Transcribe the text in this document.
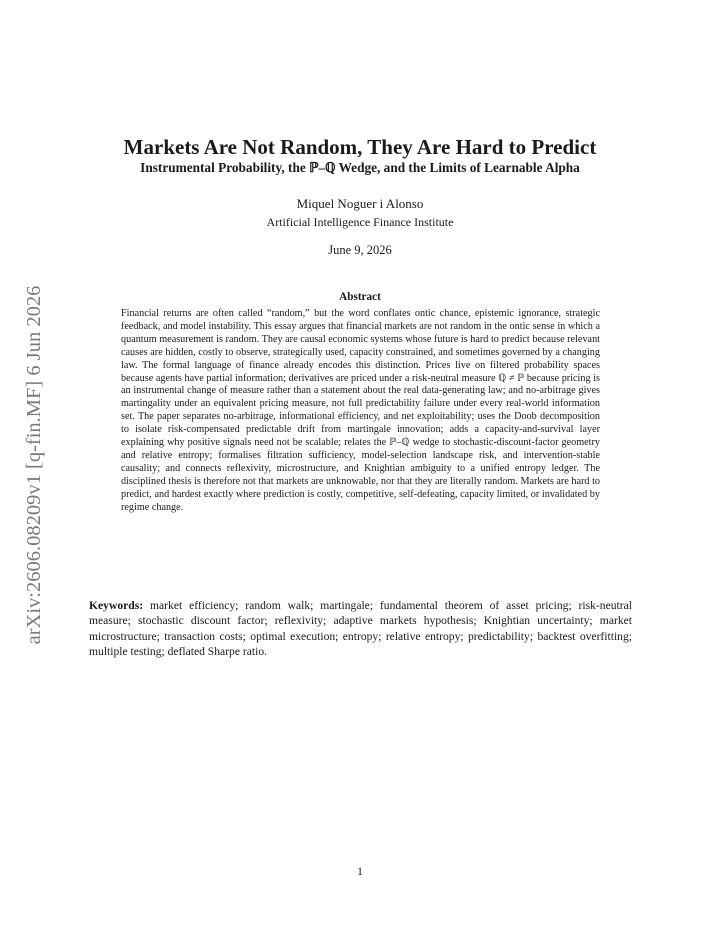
arXiv:2606.08209v1 [q-fin.MF] 6 Jun 2026
Markets Are Not Random, They Are Hard to Predict
Instrumental Probability, the ℙ–ℚ Wedge, and the Limits of Learnable Alpha
Miquel Noguer i Alonso
Artificial Intelligence Finance Institute
June 9, 2026
Abstract

Financial returns are often called “random,” but the word conflates ontic chance, epistemic ignorance, strategic feedback, and model instability. This essay argues that financial markets are not random in the ontic sense in which a quantum measurement is random. They are causal economic systems whose future is hard to predict because relevant causes are hidden, costly to observe, strategically used, capacity constrained, and sometimes governed by a changing law. The formal language of finance already encodes this distinction. Prices live on filtered probability spaces because agents have partial information; derivatives are priced under a risk-neutral measure ℚ ≠ ℙ because pricing is an instrumental change of measure rather than a statement about the real data-generating law; and no-arbitrage gives martingality under an equivalent pricing measure, not full predictability failure under every real-world information set. The paper separates no-arbitrage, informational efficiency, and net exploitability; uses the Doob decomposition to isolate risk-compensated predictable drift from martingale innovation; adds a capacity-and-survival layer explaining why positive signals need not be scalable; relates the ℙ–ℚ wedge to stochastic-discount-factor geometry and relative entropy; formalises filtration sufficiency, model-selection landscape risk, and intervention-stable causality; and connects reflexivity, microstructure, and Knightian ambiguity to a unified entropy ledger. The disciplined thesis is therefore not that markets are unknowable, nor that they are literally random. Markets are hard to predict, and hardest exactly where prediction is costly, competitive, self-defeating, capacity limited, or invalidated by regime change.

Keywords: market efficiency; random walk; martingale; fundamental theorem of asset pricing; risk-neutral measure; stochastic discount factor; reflexivity; adaptive markets hypothesis; Knightian uncertainty; market microstructure; transaction costs; optimal execution; entropy; relative entropy; predictability; backtest overfitting; multiple testing; deflated Sharpe ratio.

1
